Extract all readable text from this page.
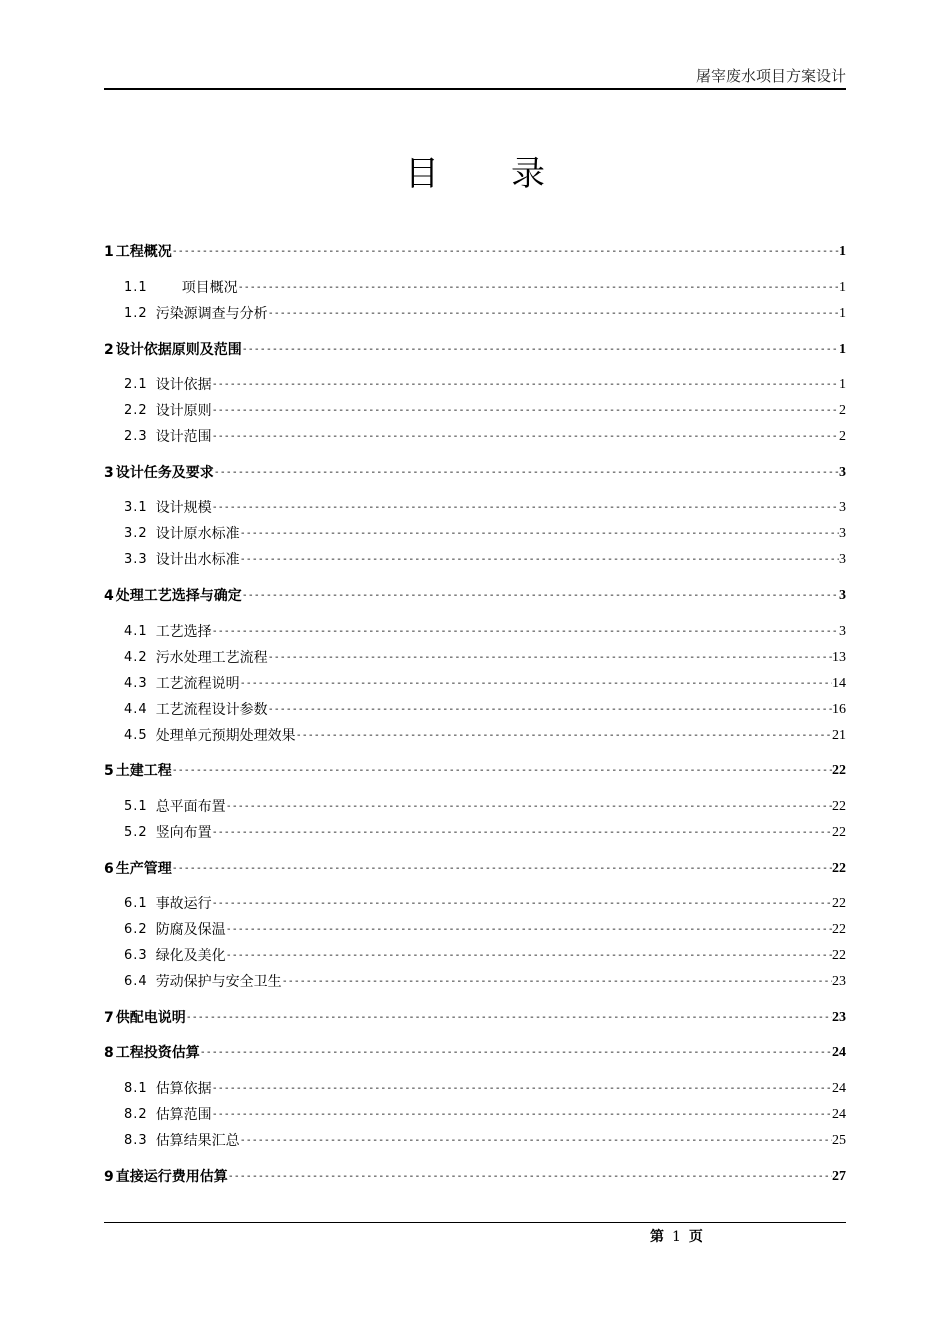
屠宰废水项目方案设计
目 录
1 工程概况 -----	1
1.1 项目概况 -----	1
1.2 污染源调查与分析 -----	1
2 设计依据原则及范围 -----	1
2.1 设计依据 -----	1
2.2 设计原则 -----	2
2.3 设计范围 -----	2
3 设计任务及要求 -----	3
3.1 设计规模 -----	3
3.2 设计原水标准 -----	3
3.3 设计出水标准 -----	3
4 处理工艺选择与确定 -----	3
4.1 工艺选择 -----	3
4.2 污水处理工艺流程 -----	13
4.3 工艺流程说明 -----	14
4.4 工艺流程设计参数 -----	16
4.5 处理单元预期处理效果 -----	21
5 土建工程 -----	22
5.1 总平面布置 -----	22
5.2 竖向布置 -----	22
6 生产管理 -----	22
6.1 事故运行 -----	22
6.2 防腐及保温 -----	22
6.3 绿化及美化 -----	22
6.4 劳动保护与安全卫生 -----	23
7 供配电说明 -----	23
8 工程投资估算 -----	24
8.1 估算依据 -----	24
8.2 估算范围 -----	24
8.3 估算结果汇总 -----	25
9 直接运行费用估算 -----	27
第 1 页
